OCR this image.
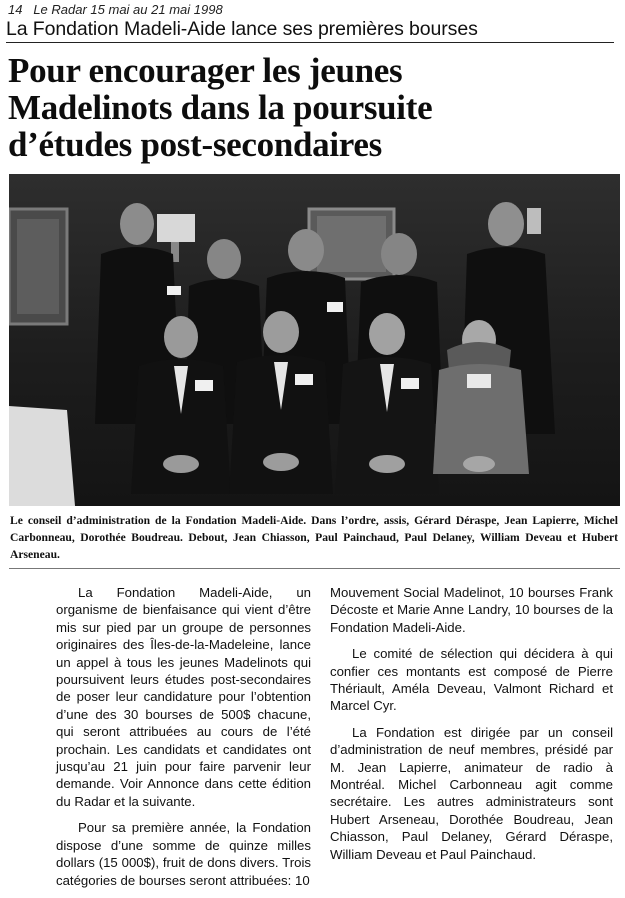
14 Le Radar 15 mai au 21 mai 1998
La Fondation Madeli-Aide lance ses premières bourses
Pour encourager les jeunes
Madelinots dans la poursuite
d’études post-secondaires
Le conseil d’administration de la Fondation Madeli-Aide. Dans l’ordre, assis, Gérard Déraspe, Jean Lapierre, Michel Carbonneau, Dorothée Boudreau. Debout, Jean Chiasson, Paul Painchaud, Paul Delaney, William Deveau et Hubert Arseneau.

La Fondation Madeli-Aide, un organisme de bienfaisance qui vient d’être mis sur pied par un groupe de personnes originaires des Îles-de-la-Madeleine, lance un appel à tous les jeunes Madelinots qui poursuivent leurs études post-secondaires de poser leur candidature pour l’obtention d’une des 30 bourses de 500$ chacune, qui seront attribuées au cours de l’été prochain. Les candidats et candidates ont jusqu’au 21 juin pour faire parvenir leur demande. Voir Annonce dans cette édition du Radar et la suivante.

Pour sa première année, la Fondation dispose d’une somme de quinze milles dollars (15 000$), fruit de dons divers. Trois catégories de bourses seront attribuées: 10

Mouvement Social Madelinot, 10 bourses Frank Décoste et Marie Anne Landry, 10 bourses de la Fondation Madeli-Aide.

Le comité de sélection qui décidera à qui confier ces montants est composé de Pierre Thériault, Améla Deveau, Valmont Richard et Marcel Cyr.

La Fondation est dirigée par un conseil d’administration de neuf membres, présidé par M. Jean Lapierre, animateur de radio à Montréal. Michel Carbonneau agit comme secrétaire. Les autres administrateurs sont Hubert Arseneau, Dorothée Boudreau, Jean Chiasson, Paul Delaney, Gérard Déraspe, William Deveau et Paul Painchaud.
